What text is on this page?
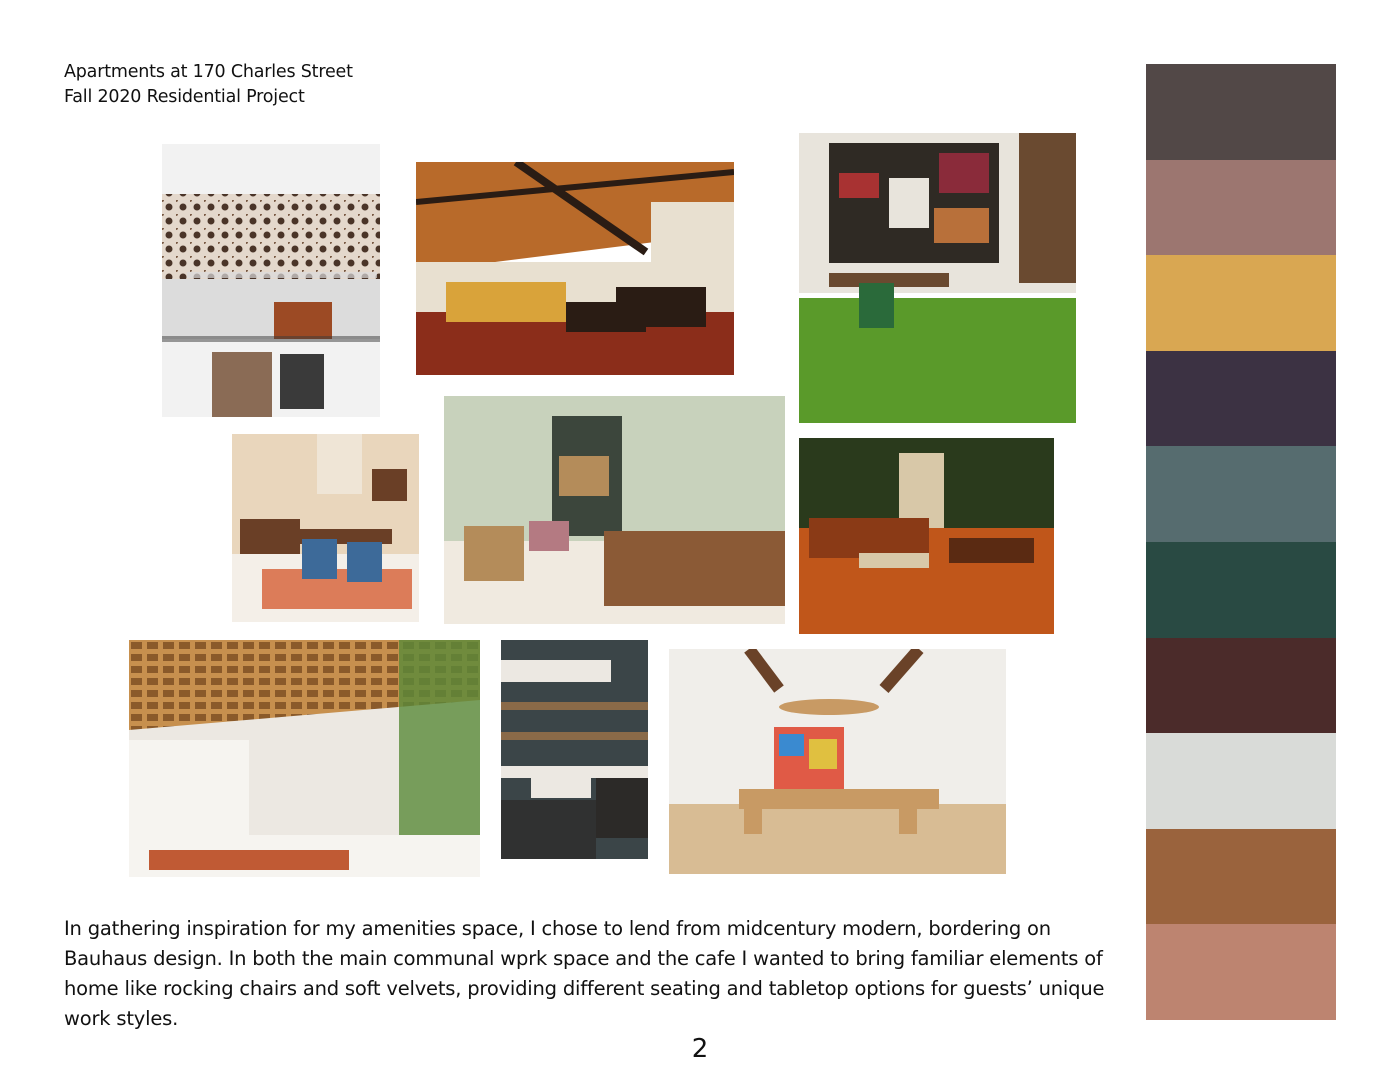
Apartments at 170 Charles Street
Fall 2020 Residential Project

In gathering inspiration for my amenities space, I chose to lend from midcentury modern, bordering on Bauhaus design. In both the main communal wprk space and the cafe I wanted to bring familiar elements of home like rocking chairs and soft velvets, providing different seating and tabletop options for guests’ unique work styles.

2
